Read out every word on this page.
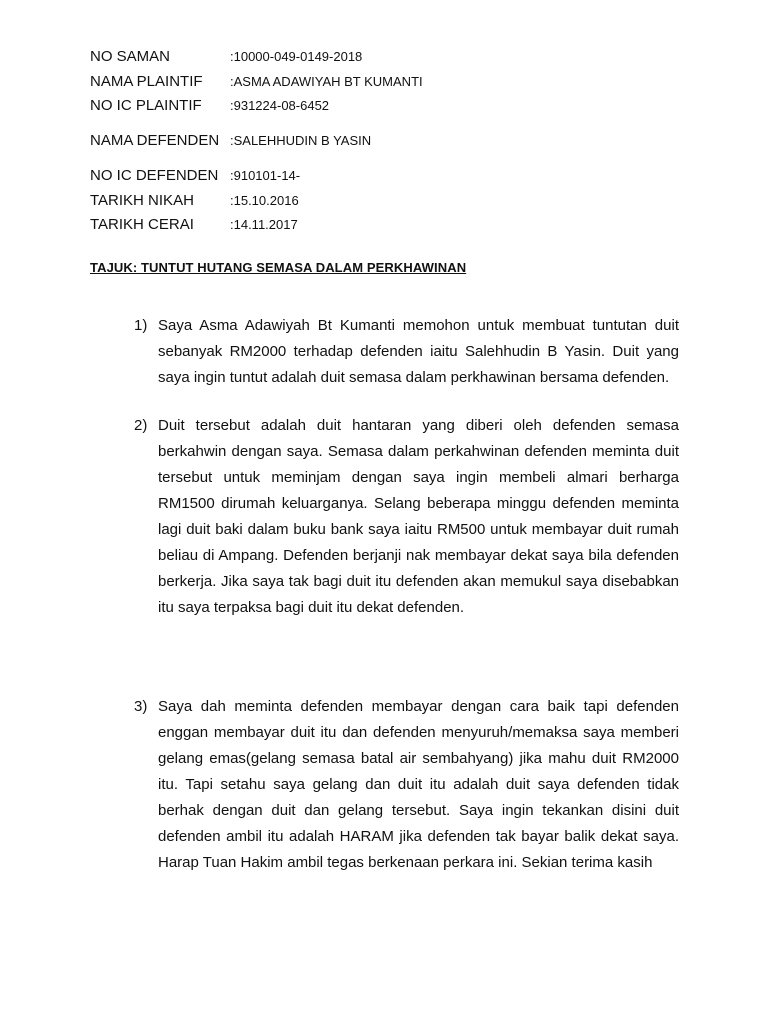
NO SAMAN	:10000-049-0149-2018
NAMA PLAINTIF	:ASMA ADAWIYAH BT KUMANTI
NO IC PLAINTIF	:931224-08-6452
NAMA DEFENDEN :SALEHHUDIN B YASIN
NO IC DEFENDEN :910101-14-
TARIKH NIKAH	:15.10.2016
TARIKH CERAI	:14.11.2017
TAJUK: TUNTUT HUTANG SEMASA DALAM PERKHAWINAN
1) Saya Asma Adawiyah Bt Kumanti memohon untuk membuat tuntutan duit sebanyak RM2000 terhadap defenden iaitu Salehhudin B Yasin. Duit yang saya ingin tuntut adalah duit semasa dalam perkhawinan bersama defenden.
2) Duit tersebut adalah duit hantaran yang diberi oleh defenden semasa berkahwin dengan saya. Semasa dalam perkahwinan defenden meminta duit tersebut untuk meminjam dengan saya ingin membeli almari berharga RM1500 dirumah keluarganya. Selang beberapa minggu defenden meminta lagi duit baki dalam buku bank saya iaitu RM500 untuk membayar duit rumah beliau di Ampang. Defenden berjanji nak membayar dekat saya bila defenden berkerja. Jika saya tak bagi duit itu defenden akan memukul saya disebabkan itu saya terpaksa bagi duit itu dekat defenden.
3) Saya dah meminta defenden membayar dengan cara baik tapi defenden enggan membayar duit itu dan defenden menyuruh/memaksa saya memberi gelang emas(gelang semasa batal air sembahyang) jika mahu duit RM2000 itu. Tapi setahu saya gelang dan duit itu adalah duit saya defenden tidak berhak dengan duit dan gelang tersebut. Saya ingin tekankan disini duit defenden ambil itu adalah HARAM jika defenden tak bayar balik dekat saya. Harap Tuan Hakim ambil tegas berkenaan perkara ini. Sekian terima kasih
